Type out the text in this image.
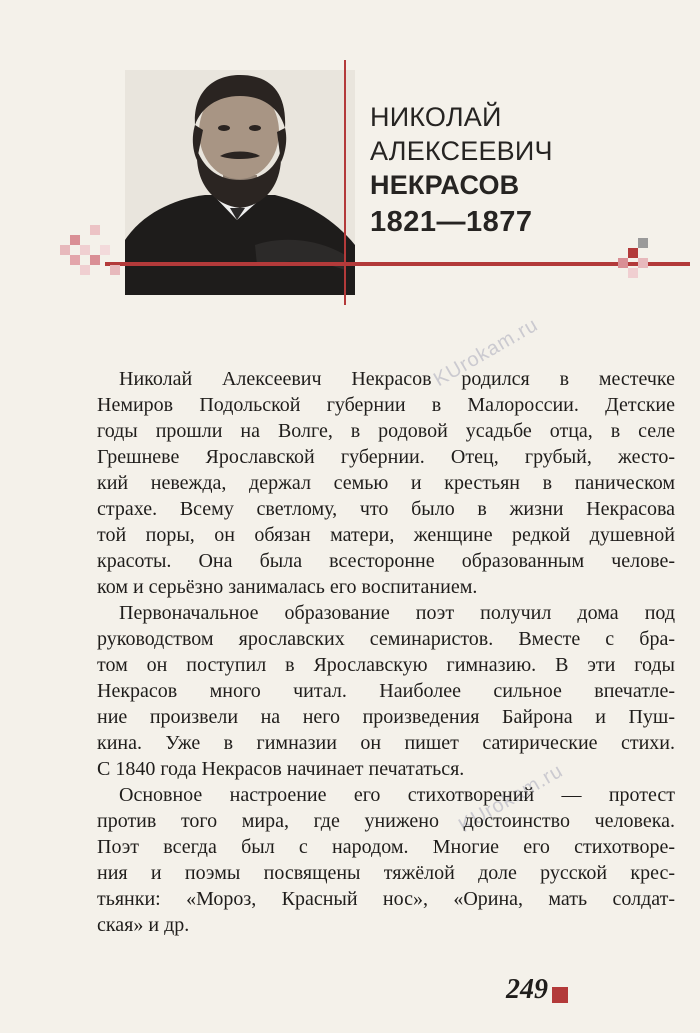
НИКОЛАЙ
АЛЕКСЕЕВИЧ
НЕКРАСОВ
1821—1877
KUrokam.ru
KUrokam.ru

Николай Алексеевич Некрасов родился в местечке
Немиров Подольской губернии в Малороссии. Детские
годы прошли на Волге, в родовой усадьбе отца, в селе
Грешневе Ярославской губернии. Отец, грубый, жесто-
кий невежда, держал семью и крестьян в паническом
страхе. Всему светлому, что было в жизни Некрасова
той поры, он обязан матери, женщине редкой душевной
красоты. Она была всесторонне образованным челове-
ком и серьёзно занималась его воспитанием.

Первоначальное образование поэт получил дома под
руководством ярославских семинаристов. Вместе с бра-
том он поступил в Ярославскую гимназию. В эти годы
Некрасов много читал. Наиболее сильное впечатле-
ние произвели на него произведения Байрона и Пуш-
кина. Уже в гимназии он пишет сатирические стихи.
С 1840 года Некрасов начинает печататься.

Основное настроение его стихотворений — протест
против того мира, где унижено достоинство человека.
Поэт всегда был с народом. Многие его стихотворе-
ния и поэмы посвящены тяжёлой доле русской крес-
тьянки: «Мороз, Красный нос», «Орина, мать солдат-
ская» и др.

249
